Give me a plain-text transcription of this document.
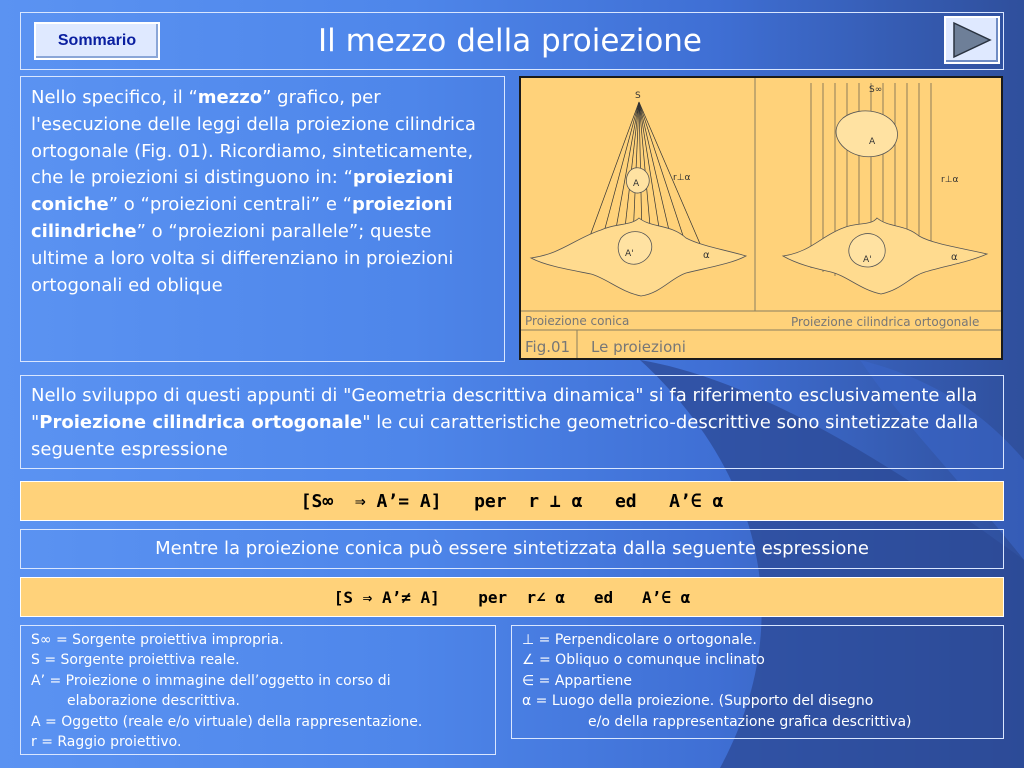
Sommario	Il mezzo della proiezione
Nello specifico, il “mezzo” grafico, per l'esecuzione delle leggi della proiezione cilindrica ortogonale (Fig. 01). Ricordiamo, sinteticamente, che le proiezioni si distinguono in: “proiezioni coniche” o “proiezioni centrali” e “proiezioni cilindriche” o “proiezioni parallele”; queste ultime a loro volta si differenziano in proiezioni ortogonali ed oblique
S
S∞
A
A
A'
A'
r⊥α	r⊥α
α	α
Proiezione conica	Proiezione cilindrica ortogonale
Fig.01 Le proiezioni
Nello sviluppo di questi appunti di "Geometria descrittiva dinamica" si fa riferimento esclusivamente alla "Proiezione cilindrica ortogonale" le cui caratteristiche geometrico-descrittive sono sintetizzate dalla seguente espressione
[S∞  ⇒ A’= A]   per  r ⊥ α   ed   A’∈ α
Mentre la proiezione conica può essere sintetizzata dalla seguente espressione
[S ⇒ A’≠ A]    per  r∠ α   ed   A’∈ α
S∞ = Sorgente proiettiva impropria.
S = Sorgente proiettiva reale.
A’ = Proiezione o immagine dell’oggetto in corso di
elaborazione descrittiva.
A = Oggetto (reale e/o virtuale) della rappresentazione.
r = Raggio proiettivo.
⊥ = Perpendicolare o ortogonale.
∠ = Obliquo o comunque inclinato
∈ = Appartiene
α = Luogo della proiezione. (Supporto del disegno
e/o della rappresentazione grafica descrittiva)
